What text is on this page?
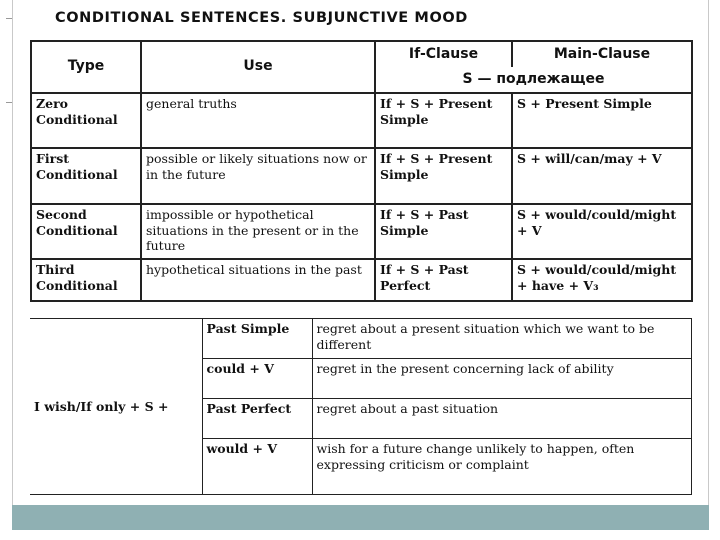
CONDITIONAL SENTENCES. SUBJUNCTIVE MOOD
Type	Use	If-Clause	Main-Clause
		S — подлежащее	
Zero Conditional	general truths	If + S + Present Simple	S + Present Simple
First Conditional	possible or likely situations now or in the future	If + S + Present Simple	S + will/can/may + V
Second Conditional	impossible or hypothetical situations in the present or in the future	If + S + Past Simple	S + would/could/might + V
Third Conditional	hypothetical situations in the past	If + S + Past Perfect	S + would/could/might + have + V₃
I wish/If only + S +	Past Simple	regret about a present situation which we want to be different
	could + V	regret in the present concerning lack of ability
	Past Perfect	regret about a past situation
	would + V	wish for a future change unlikely to happen, often expressing criticism or complaint
